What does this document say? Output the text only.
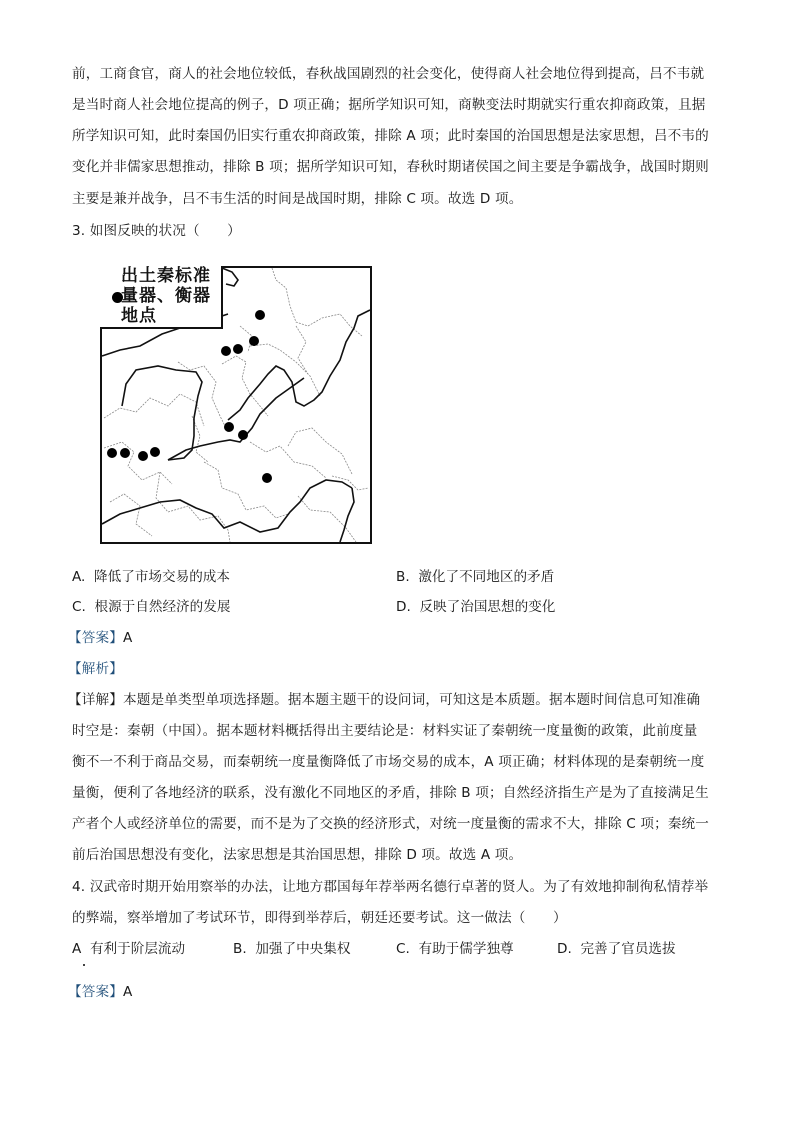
前，工商食官，商人的社会地位较低，春秋战国剧烈的社会变化，使得商人社会地位得到提高，吕不韦就
是当时商人社会地位提高的例子，D 项正确；据所学知识可知，商鞅变法时期就实行重农抑商政策，且据
所学知识可知，此时秦国仍旧实行重农抑商政策，排除 A 项；此时秦国的治国思想是法家思想，吕不韦的
变化并非儒家思想推动，排除 B 项；据所学知识可知，春秋时期诸侯国之间主要是争霸战争，战国时期则
主要是兼并战争，吕不韦生活的时间是战国时期，排除 C 项。故选 D 项。
3. 如图反映的状况（　　）
出土秦标准
量器、衡器
地点
A. 降低了市场交易的成本	B. 激化了不同地区的矛盾
C. 根源于自然经济的发展	D. 反映了治国思想的变化
【答案】A
【解析】
【详解】本题是单类型单项选择题。据本题主题干的设问词，可知这是本质题。据本题时间信息可知准确
时空是：秦朝（中国）。据本题材料概括得出主要结论是：材料实证了秦朝统一度量衡的政策，此前度量
衡不一不利于商品交易，而秦朝统一度量衡降低了市场交易的成本，A 项正确；材料体现的是秦朝统一度
量衡，便利了各地经济的联系，没有激化不同地区的矛盾，排除 B 项；自然经济指生产是为了直接满足生
产者个人或经济单位的需要，而不是为了交换的经济形式，对统一度量衡的需求不大，排除 C 项；秦统一
前后治国思想没有变化，法家思想是其治国思想，排除 D 项。故选 A 项。
4. 汉武帝时期开始用察举的办法，让地方郡国每年荐举两名德行卓著的贤人。为了有效地抑制徇私情荐举
的弊端，察举增加了考试环节，即得到举荐后，朝廷还要考试。这一做法（　　）
A 有利于阶层流动	B. 加强了中央集权	C. 有助于儒学独尊	D. 完善了官员选拔
【答案】A
